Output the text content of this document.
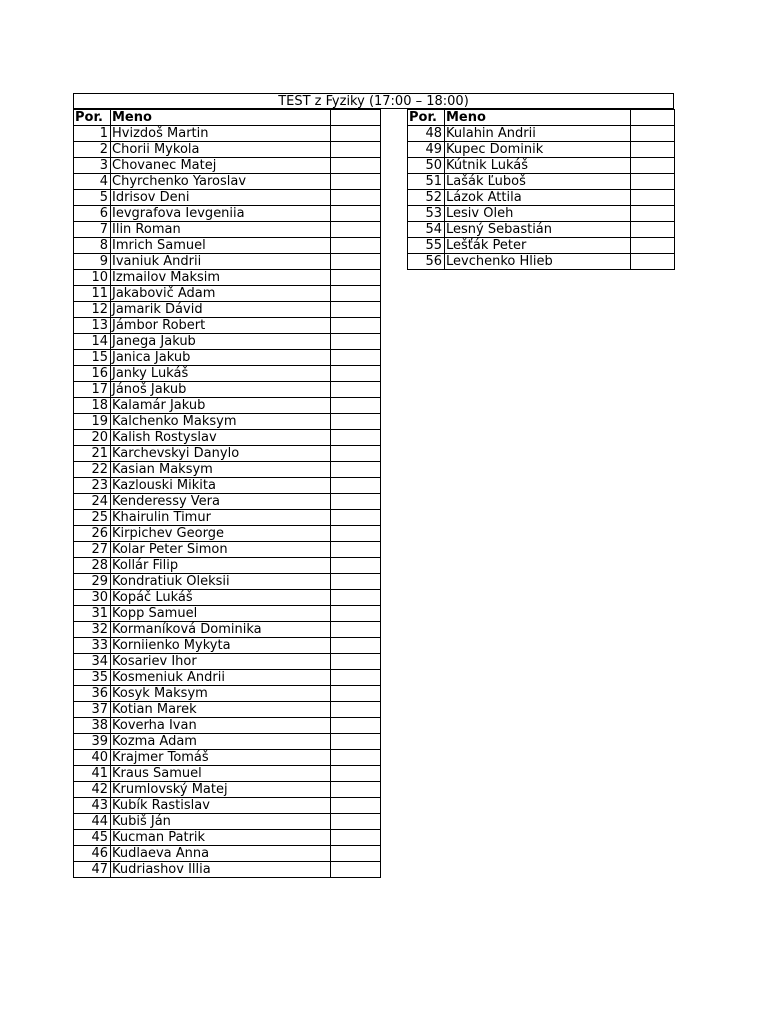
TEST z Fyziky (17:00 – 18:00)
Por.	Meno	
1	Hvizdoš Martin	
2	Chorii Mykola	
3	Chovanec Matej	
4	Chyrchenko Yaroslav	
5	Idrisov Deni	
6	Ievgrafova Ievgeniia	
7	Ilin Roman	
8	Imrich Samuel	
9	Ivaniuk Andrii	
10	Izmailov Maksim	
11	Jakabovič Adam	
12	Jamarik Dávid	
13	Jámbor Robert	
14	Janega Jakub	
15	Janica Jakub	
16	Janky Lukáš	
17	Jánoš Jakub	
18	Kalamár Jakub	
19	Kalchenko Maksym	
20	Kalish Rostyslav	
21	Karchevskyi Danylo	
22	Kasian Maksym	
23	Kazlouski Mikita	
24	Kenderessy Vera	
25	Khairulin Timur	
26	Kirpichev George	
27	Kolar Peter Simon	
28	Kollár Filip	
29	Kondratiuk Oleksii	
30	Kopáč Lukáš	
31	Kopp Samuel	
32	Kormaníková Dominika	
33	Korniienko Mykyta	
34	Kosariev Ihor	
35	Kosmeniuk Andrii	
36	Kosyk Maksym	
37	Kotian Marek	
38	Koverha Ivan	
39	Kozma Adam	
40	Krajmer Tomáš	
41	Kraus Samuel	
42	Krumlovský Matej	
43	Kubík Rastislav	
44	Kubiš Ján	
45	Kucman Patrik	
46	Kudlaeva Anna	
47	Kudriashov Illia	
Por.	Meno	
48	Kulahin Andrii	
49	Kupec Dominik	
50	Kútnik Lukáš	
51	Lašák Ľuboš	
52	Lázok Attila	
53	Lesiv Oleh	
54	Lesný Sebastián	
55	Lešťák Peter	
56	Levchenko Hlieb	
